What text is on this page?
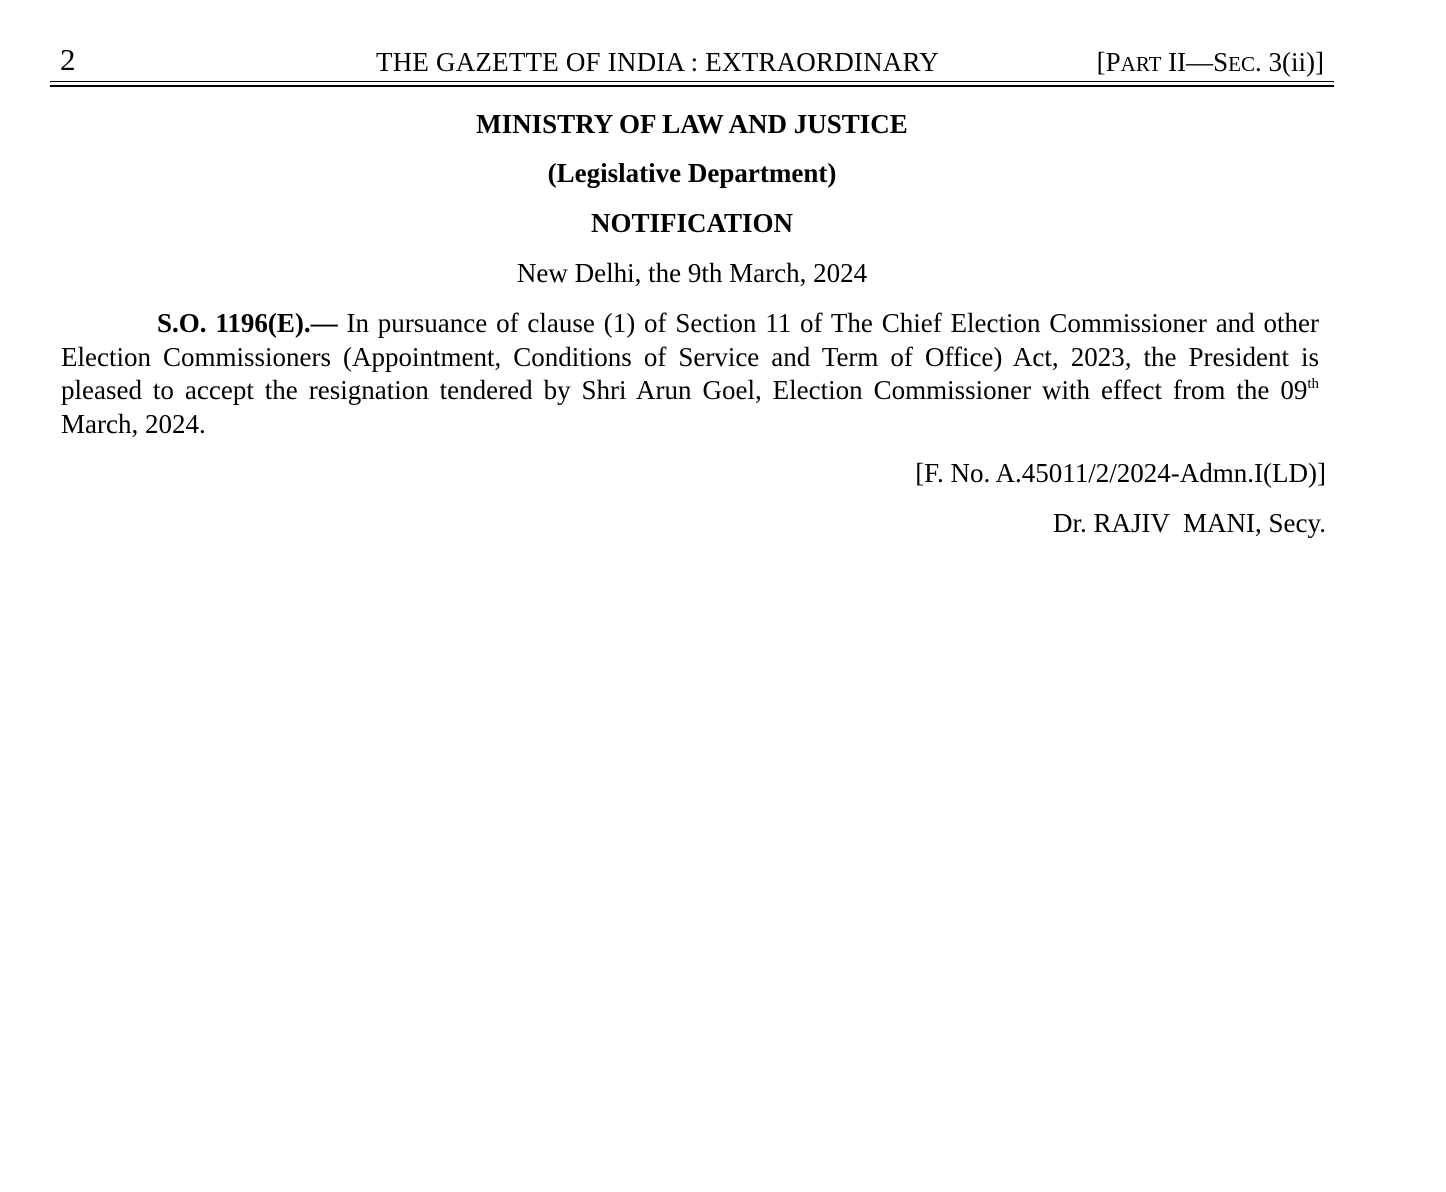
2	THE GAZETTE OF INDIA : EXTRAORDINARY	[PART II—SEC. 3(ii)]
MINISTRY OF LAW AND JUSTICE
(Legislative Department)
NOTIFICATION
New Delhi, the 9th March, 2024

S.O. 1196(E).— In pursuance of clause (1) of Section 11 of The Chief Election Commissioner and other Election Commissioners (Appointment, Conditions of Service and Term of Office) Act, 2023, the President is pleased to accept the resignation tendered by Shri Arun Goel, Election Commissioner with effect from the 09th March, 2024.

[F. No. A.45011/2/2024-Admn.I(LD)]
Dr. RAJIV  MANI, Secy.
